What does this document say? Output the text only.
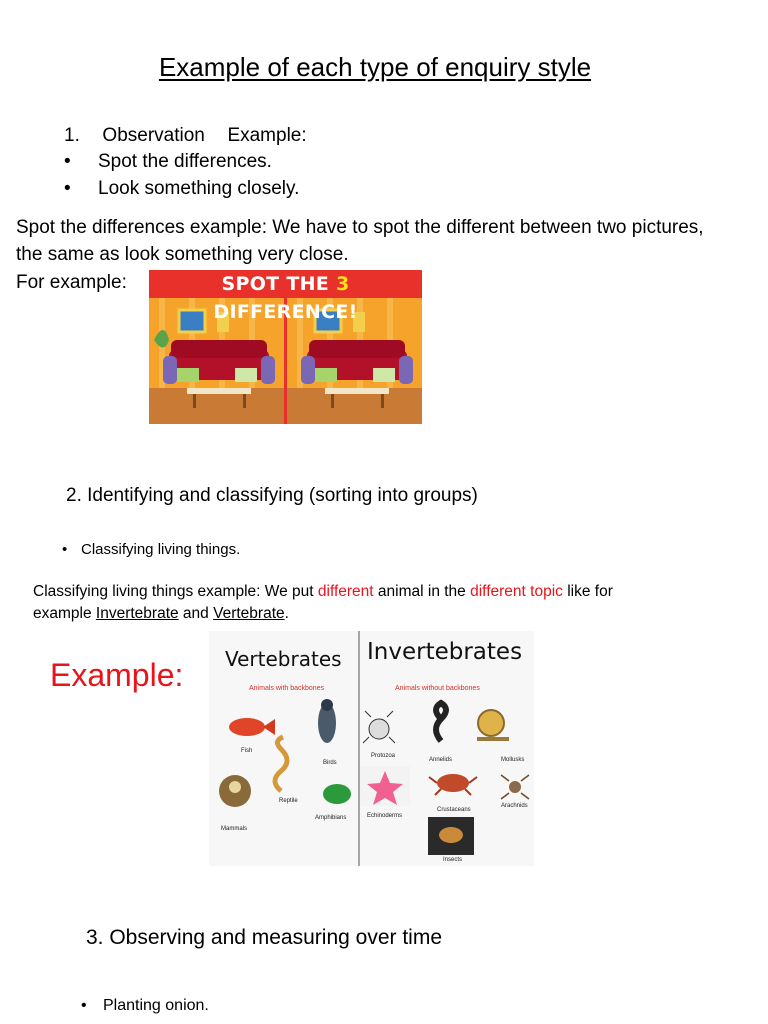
Example of each type of enquiry style
1. Observation Example:
• Spot the differences.
• Look something closely.
Spot the differences example: We have to spot the different between two pictures,
the same as look something very close.
For example:	SPOT THE 3 DIFFERENCE!
2. Identifying and classifying (sorting into groups)
• Classifying living things.
Classifying living things example: We put different animal in the different topic like for
example Invertebrate and Vertebrate.
Example: Vertebrates Invertebrates
Animals with backbones	Animals without backbones
Fish
Birds
Reptile
Mammals
Amphibians
Protozoa
Annelids	Mollusks
Echinoderms
Crustaceans
Arachnids
Insects
3. Observing and measuring over time
• Planting onion.
